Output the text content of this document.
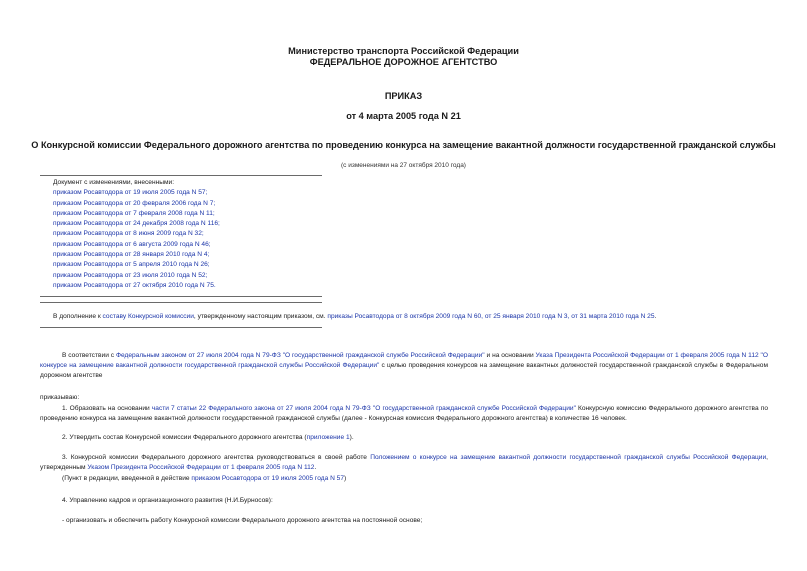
Министерство транспорта Российской Федерации
ФЕДЕРАЛЬНОЕ ДОРОЖНОЕ АГЕНТСТВО
ПРИКАЗ
от 4 марта 2005 года N 21
О Конкурсной комиссии Федерального дорожного агентства по проведению конкурса на замещение вакантной должности государственной гражданской службы
(с изменениями на 27 октября 2010 года)
Документ с изменениями, внесенными:
приказом Росавтодора от 19 июля 2005 года N 57;
приказом Росавтодора от 20 февраля 2006 года N 7;
приказом Росавтодора от 7 февраля 2008 года N 11;
приказом Росавтодора от 24 декабря 2008 года N 116;
приказом Росавтодора от 8 июня 2009 года N 32;
приказом Росавтодора от 6 августа 2009 года N 46;
приказом Росавтодора от 28 января 2010 года N 4;
приказом Росавтодора от 5 апреля 2010 года N 26;
приказом Росавтодора от 23 июля 2010 года N 52;
приказом Росавтодора от 27 октября 2010 года N 75.
В дополнение к составу Конкурсной комиссии, утвержденному настоящим приказом, см. приказы Росавтодора от 8 октября 2009 года N 60, от 25 января 2010 года N 3, от 31 марта 2010 года N 25.
В соответствии с Федеральным законом от 27 июля 2004 года N 79-ФЗ "О государственной гражданской службе Российской Федерации" и на основании Указа Президента Российской Федерации от 1 февраля 2005 года N 112 "О конкурсе на замещение вакантной должности государственной гражданской службы Российской Федерации" с целью проведения конкурсов на замещение вакантных должностей государственной гражданской службы в Федеральном дорожном агентстве
приказываю:
1. Образовать на основании части 7 статьи 22 Федерального закона от 27 июля 2004 года N 79-ФЗ "О государственной гражданской службе Российской Федерации" Конкурсную комиссию Федерального дорожного агентства по проведению конкурса на замещение вакантной должности государственной гражданской службы (далее - Конкурсная комиссия Федерального дорожного агентства) в количестве 16 человек.
2. Утвердить состав Конкурсной комиссии Федерального дорожного агентства (приложение 1).
3. Конкурсной комиссии Федерального дорожного агентства руководствоваться в своей работе Положением о конкурсе на замещение вакантной должности государственной гражданской службы Российской Федерации, утвержденным Указом Президента Российской Федерации от 1 февраля 2005 года N 112.
(Пункт в редакции, введенной в действие приказом Росавтодора от 19 июля 2005 года N 57)
4. Управлению кадров и организационного развития (Н.И.Бурносов):
- организовать и обеспечить работу Конкурсной комиссии Федерального дорожного агентства на постоянной основе;
